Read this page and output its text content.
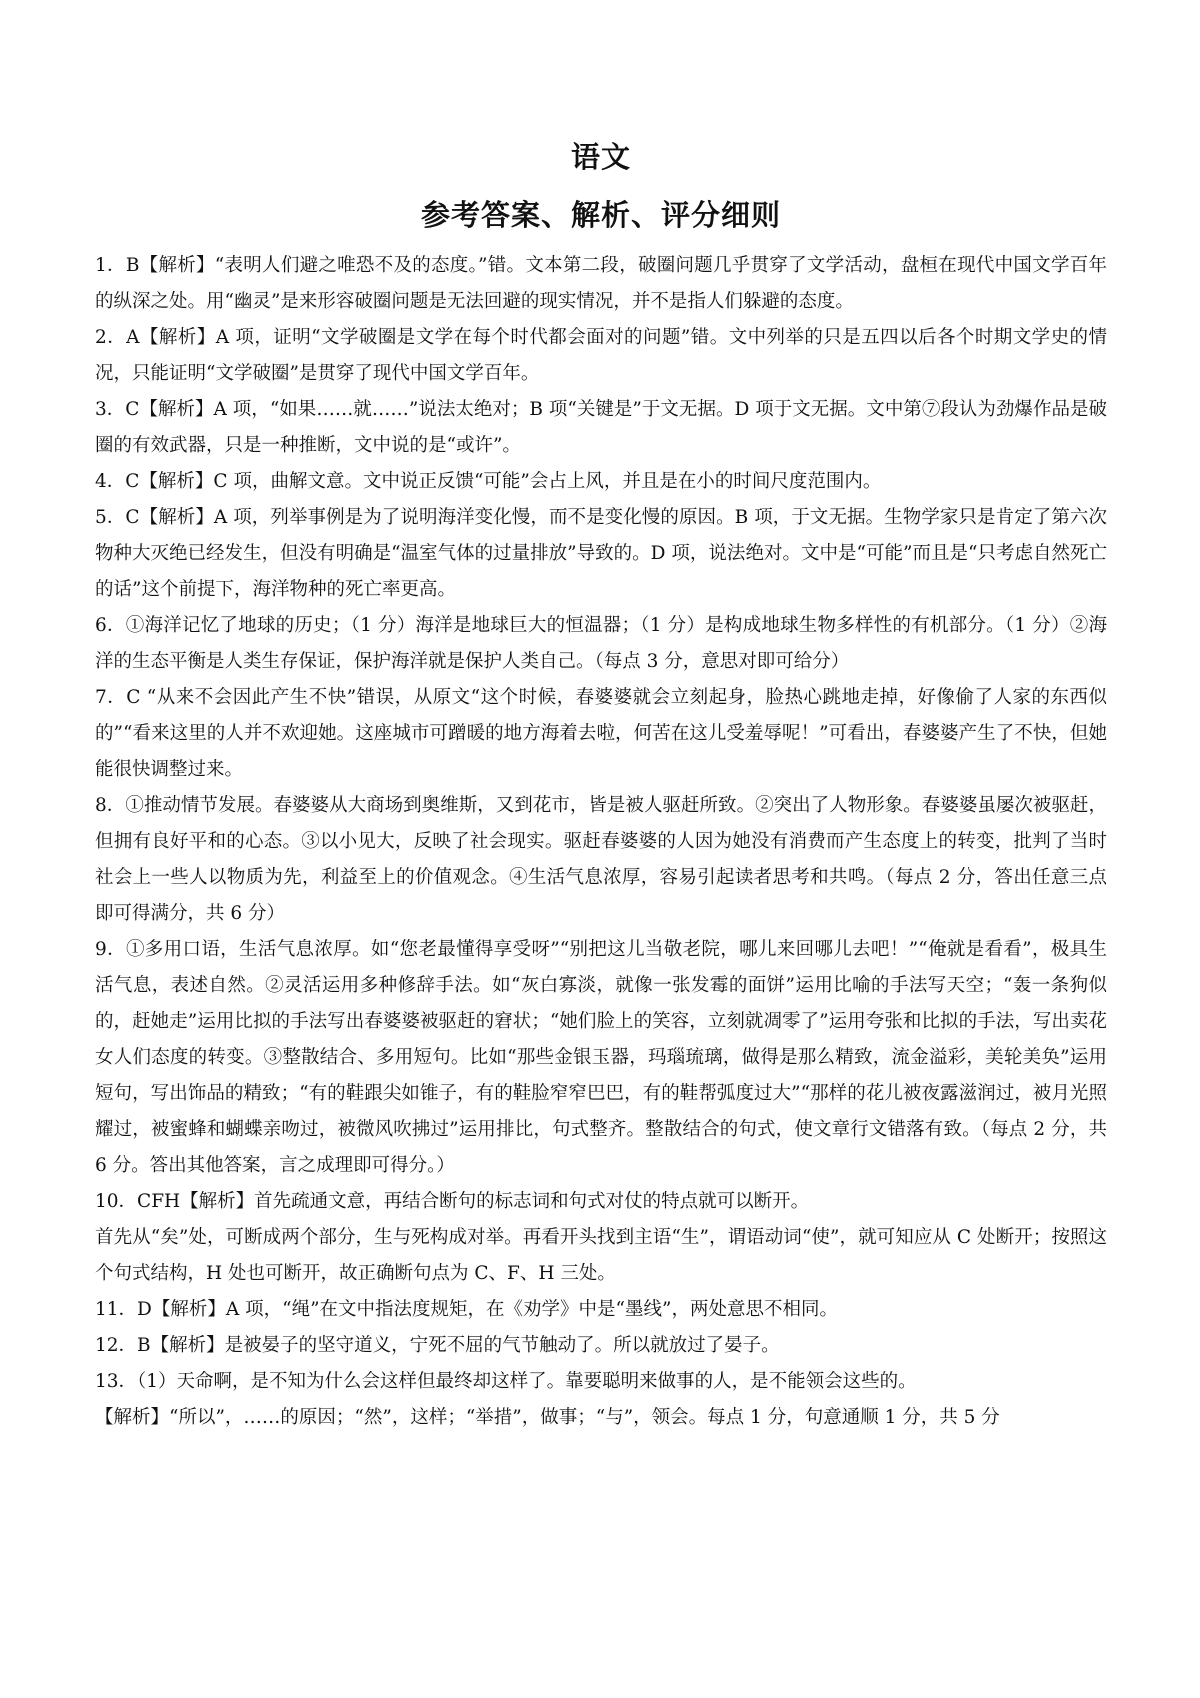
语文
参考答案、解析、评分细则

1．B【解析】“表明人们避之唯恐不及的态度。”错。文本第二段，破圈问题几乎贯穿了文学活动，盘桓在现代中国文学百年的纵深之处。用“幽灵”是来形容破圈问题是无法回避的现实情况，并不是指人们躲避的态度。

2．A【解析】A 项，证明“文学破圈是文学在每个时代都会面对的问题”错。文中列举的只是五四以后各个时期文学史的情况，只能证明“文学破圈”是贯穿了现代中国文学百年。

3．C【解析】A 项，“如果……就……”说法太绝对；B 项“关键是”于文无据。D 项于文无据。文中第⑦段认为劲爆作品是破圈的有效武器，只是一种推断，文中说的是“或许”。

4．C【解析】C 项，曲解文意。文中说正反馈“可能”会占上风，并且是在小的时间尺度范围内。

5．C【解析】A 项，列举事例是为了说明海洋变化慢，而不是变化慢的原因。B 项，于文无据。生物学家只是肯定了第六次物种大灭绝已经发生，但没有明确是“温室气体的过量排放”导致的。D 项，说法绝对。文中是“可能”而且是“只考虑自然死亡的话”这个前提下，海洋物种的死亡率更高。

6．①海洋记忆了地球的历史；（1 分）海洋是地球巨大的恒温器；（1 分）是构成地球生物多样性的有机部分。（1 分）②海洋的生态平衡是人类生存保证，保护海洋就是保护人类自己。（每点 3 分，意思对即可给分）

7．C “从来不会因此产生不快”错误，从原文“这个时候，春婆婆就会立刻起身，脸热心跳地走掉，好像偷了人家的东西似的”“看来这里的人并不欢迎她。这座城市可蹭暖的地方海着去啦，何苦在这儿受羞辱呢！”可看出，春婆婆产生了不快，但她能很快调整过来。

8．①推动情节发展。春婆婆从大商场到奥维斯，又到花市，皆是被人驱赶所致。②突出了人物形象。春婆婆虽屡次被驱赶，但拥有良好平和的心态。③以小见大，反映了社会现实。驱赶春婆婆的人因为她没有消费而产生态度上的转变，批判了当时社会上一些人以物质为先，利益至上的价值观念。④生活气息浓厚，容易引起读者思考和共鸣。（每点 2 分，答出任意三点即可得满分，共 6 分）

9．①多用口语，生活气息浓厚。如“您老最懂得享受呀”“别把这儿当敬老院，哪儿来回哪儿去吧！”“俺就是看看”，极具生活气息，表述自然。②灵活运用多种修辞手法。如“灰白寡淡，就像一张发霉的面饼”运用比喻的手法写天空；“轰一条狗似的，赶她走”运用比拟的手法写出春婆婆被驱赶的窘状；“她们脸上的笑容，立刻就凋零了”运用夸张和比拟的手法，写出卖花女人们态度的转变。③整散结合、多用短句。比如“那些金银玉器，玛瑙琉璃，做得是那么精致，流金溢彩，美轮美奂”运用短句，写出饰品的精致；“有的鞋跟尖如锥子，有的鞋脸窄窄巴巴，有的鞋帮弧度过大”“那样的花儿被夜露滋润过，被月光照耀过，被蜜蜂和蝴蝶亲吻过，被微风吹拂过”运用排比，句式整齐。整散结合的句式，使文章行文错落有致。（每点 2 分，共 6 分。答出其他答案，言之成理即可得分。）

10．CFH【解析】首先疏通文意，再结合断句的标志词和句式对仗的特点就可以断开。

首先从“矣”处，可断成两个部分，生与死构成对举。再看开头找到主语“生”，谓语动词“使”，就可知应从 C 处断开；按照这个句式结构，H 处也可断开，故正确断句点为 C、F、H 三处。

11．D【解析】A 项，“绳”在文中指法度规矩，在《劝学》中是“墨线”，两处意思不相同。

12．B【解析】是被晏子的坚守道义，宁死不屈的气节触动了。所以就放过了晏子。

13．（1）天命啊，是不知为什么会这样但最终却这样了。靠要聪明来做事的人，是不能领会这些的。

【解析】“所以”，……的原因；“然”，这样；“举措”，做事；“与”，领会。每点 1 分，句意通顺 1 分，共 5 分
